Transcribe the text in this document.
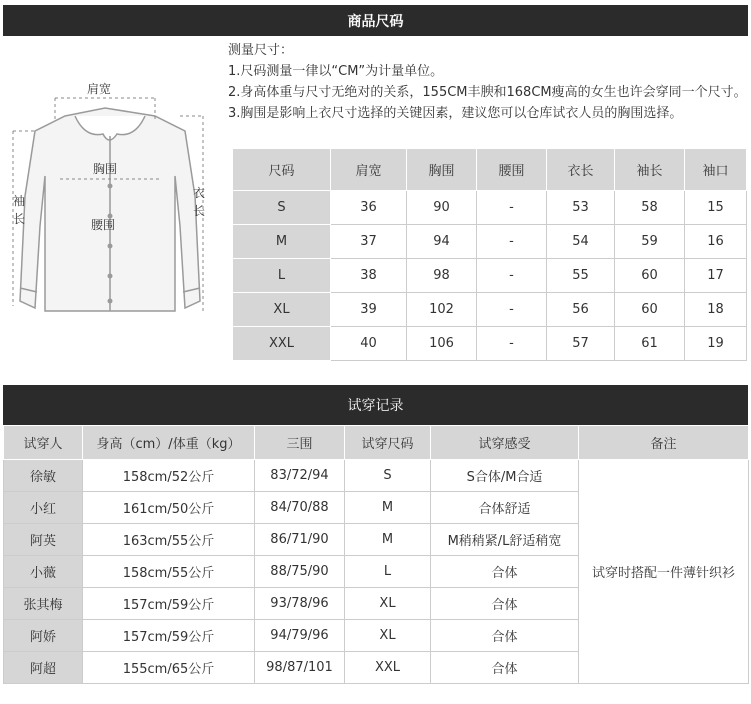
商品尺码
肩宽
胸围
腰围
袖长
衣长
测量尺寸：
1.尺码测量一律以“CM”为计量单位。
2.身高体重与尺寸无绝对的关系，155CM丰腴和168CM瘦高的女生也许会穿同一个尺寸。
3.胸围是影响上衣尺寸选择的关键因素，建议您可以仓库试衣人员的胸围选择。
尺码	肩宽	胸围	腰围	衣长	袖长	袖口
S	36	90	-	53	58	15
M	37	94	-	54	59	16
L	38	98	-	55	60	17
XL	39	102	-	56	60	18
XXL	40	106	-	57	61	19
试穿记录
试穿人	身高（cm）/体重（kg）	三围	试穿尺码	试穿感受	备注
徐敏	158cm/52公斤	83/72/94	S	S合体/M合适	试穿时搭配一件薄针织衫
小红	161cm/50公斤	84/70/88	M	合体舒适	
阿英	163cm/55公斤	86/71/90	M	M稍稍紧/L舒适稍宽	
小薇	158cm/55公斤	88/75/90	L	合体	
张其梅	157cm/59公斤	93/78/96	XL	合体	
阿娇	157cm/59公斤	94/79/96	XL	合体	
阿超	155cm/65公斤	98/87/101	XXL	合体	
